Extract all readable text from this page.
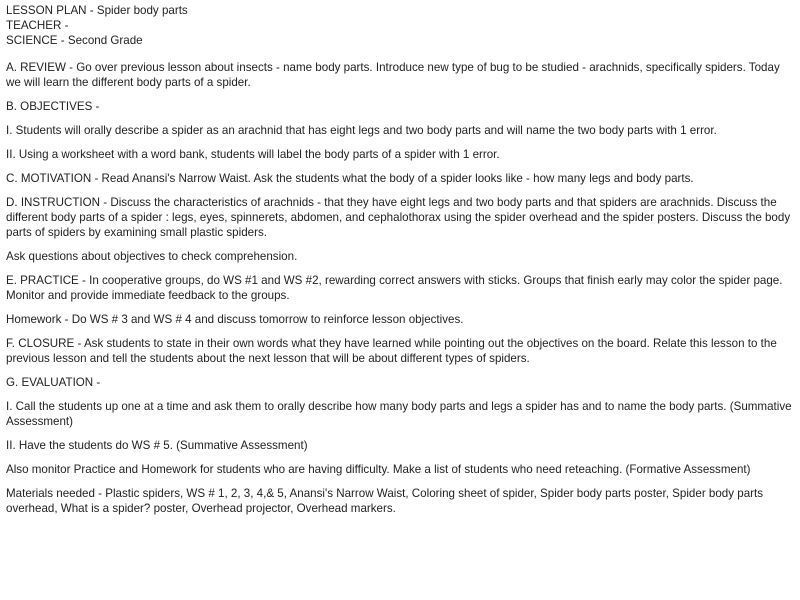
LESSON PLAN - Spider body parts
TEACHER -
SCIENCE - Second Grade

A. REVIEW - Go over previous lesson about insects - name body parts. Introduce new type of bug to be studied - arachnids, specifically spiders. Today we will learn the different body parts of a spider.

B. OBJECTIVES -

I. Students will orally describe a spider as an arachnid that has eight legs and two body parts and will name the two body parts with 1 error.

II. Using a worksheet with a word bank, students will label the body parts of a spider with 1 error.

C. MOTIVATION - Read Anansi's Narrow Waist. Ask the students what the body of a spider looks like - how many legs and body parts.

D. INSTRUCTION - Discuss the characteristics of arachnids - that they have eight legs and two body parts and that spiders are arachnids. Discuss the different body parts of a spider : legs, eyes, spinnerets, abdomen, and cephalothorax using the spider overhead and the spider posters. Discuss the body parts of spiders by examining small plastic spiders.

Ask questions about objectives to check comprehension.

E. PRACTICE - In cooperative groups, do WS #1 and WS #2, rewarding correct answers with sticks. Groups that finish early may color the spider page. Monitor and provide immediate feedback to the groups.

Homework - Do WS # 3 and WS # 4 and discuss tomorrow to reinforce lesson objectives.

F. CLOSURE - Ask students to state in their own words what they have learned while pointing out the objectives on the board. Relate this lesson to the previous lesson and tell the students about the next lesson that will be about different types of spiders.

G. EVALUATION -

I. Call the students up one at a time and ask them to orally describe how many body parts and legs a spider has and to name the body parts. (Summative Assessment)

II. Have the students do WS # 5. (Summative Assessment)

Also monitor Practice and Homework for students who are having difficulty. Make a list of students who need reteaching. (Formative Assessment)

Materials needed - Plastic spiders, WS # 1, 2, 3, 4,& 5, Anansi's Narrow Waist, Coloring sheet of spider, Spider body parts poster, Spider body parts overhead, What is a spider? poster, Overhead projector, Overhead markers.
